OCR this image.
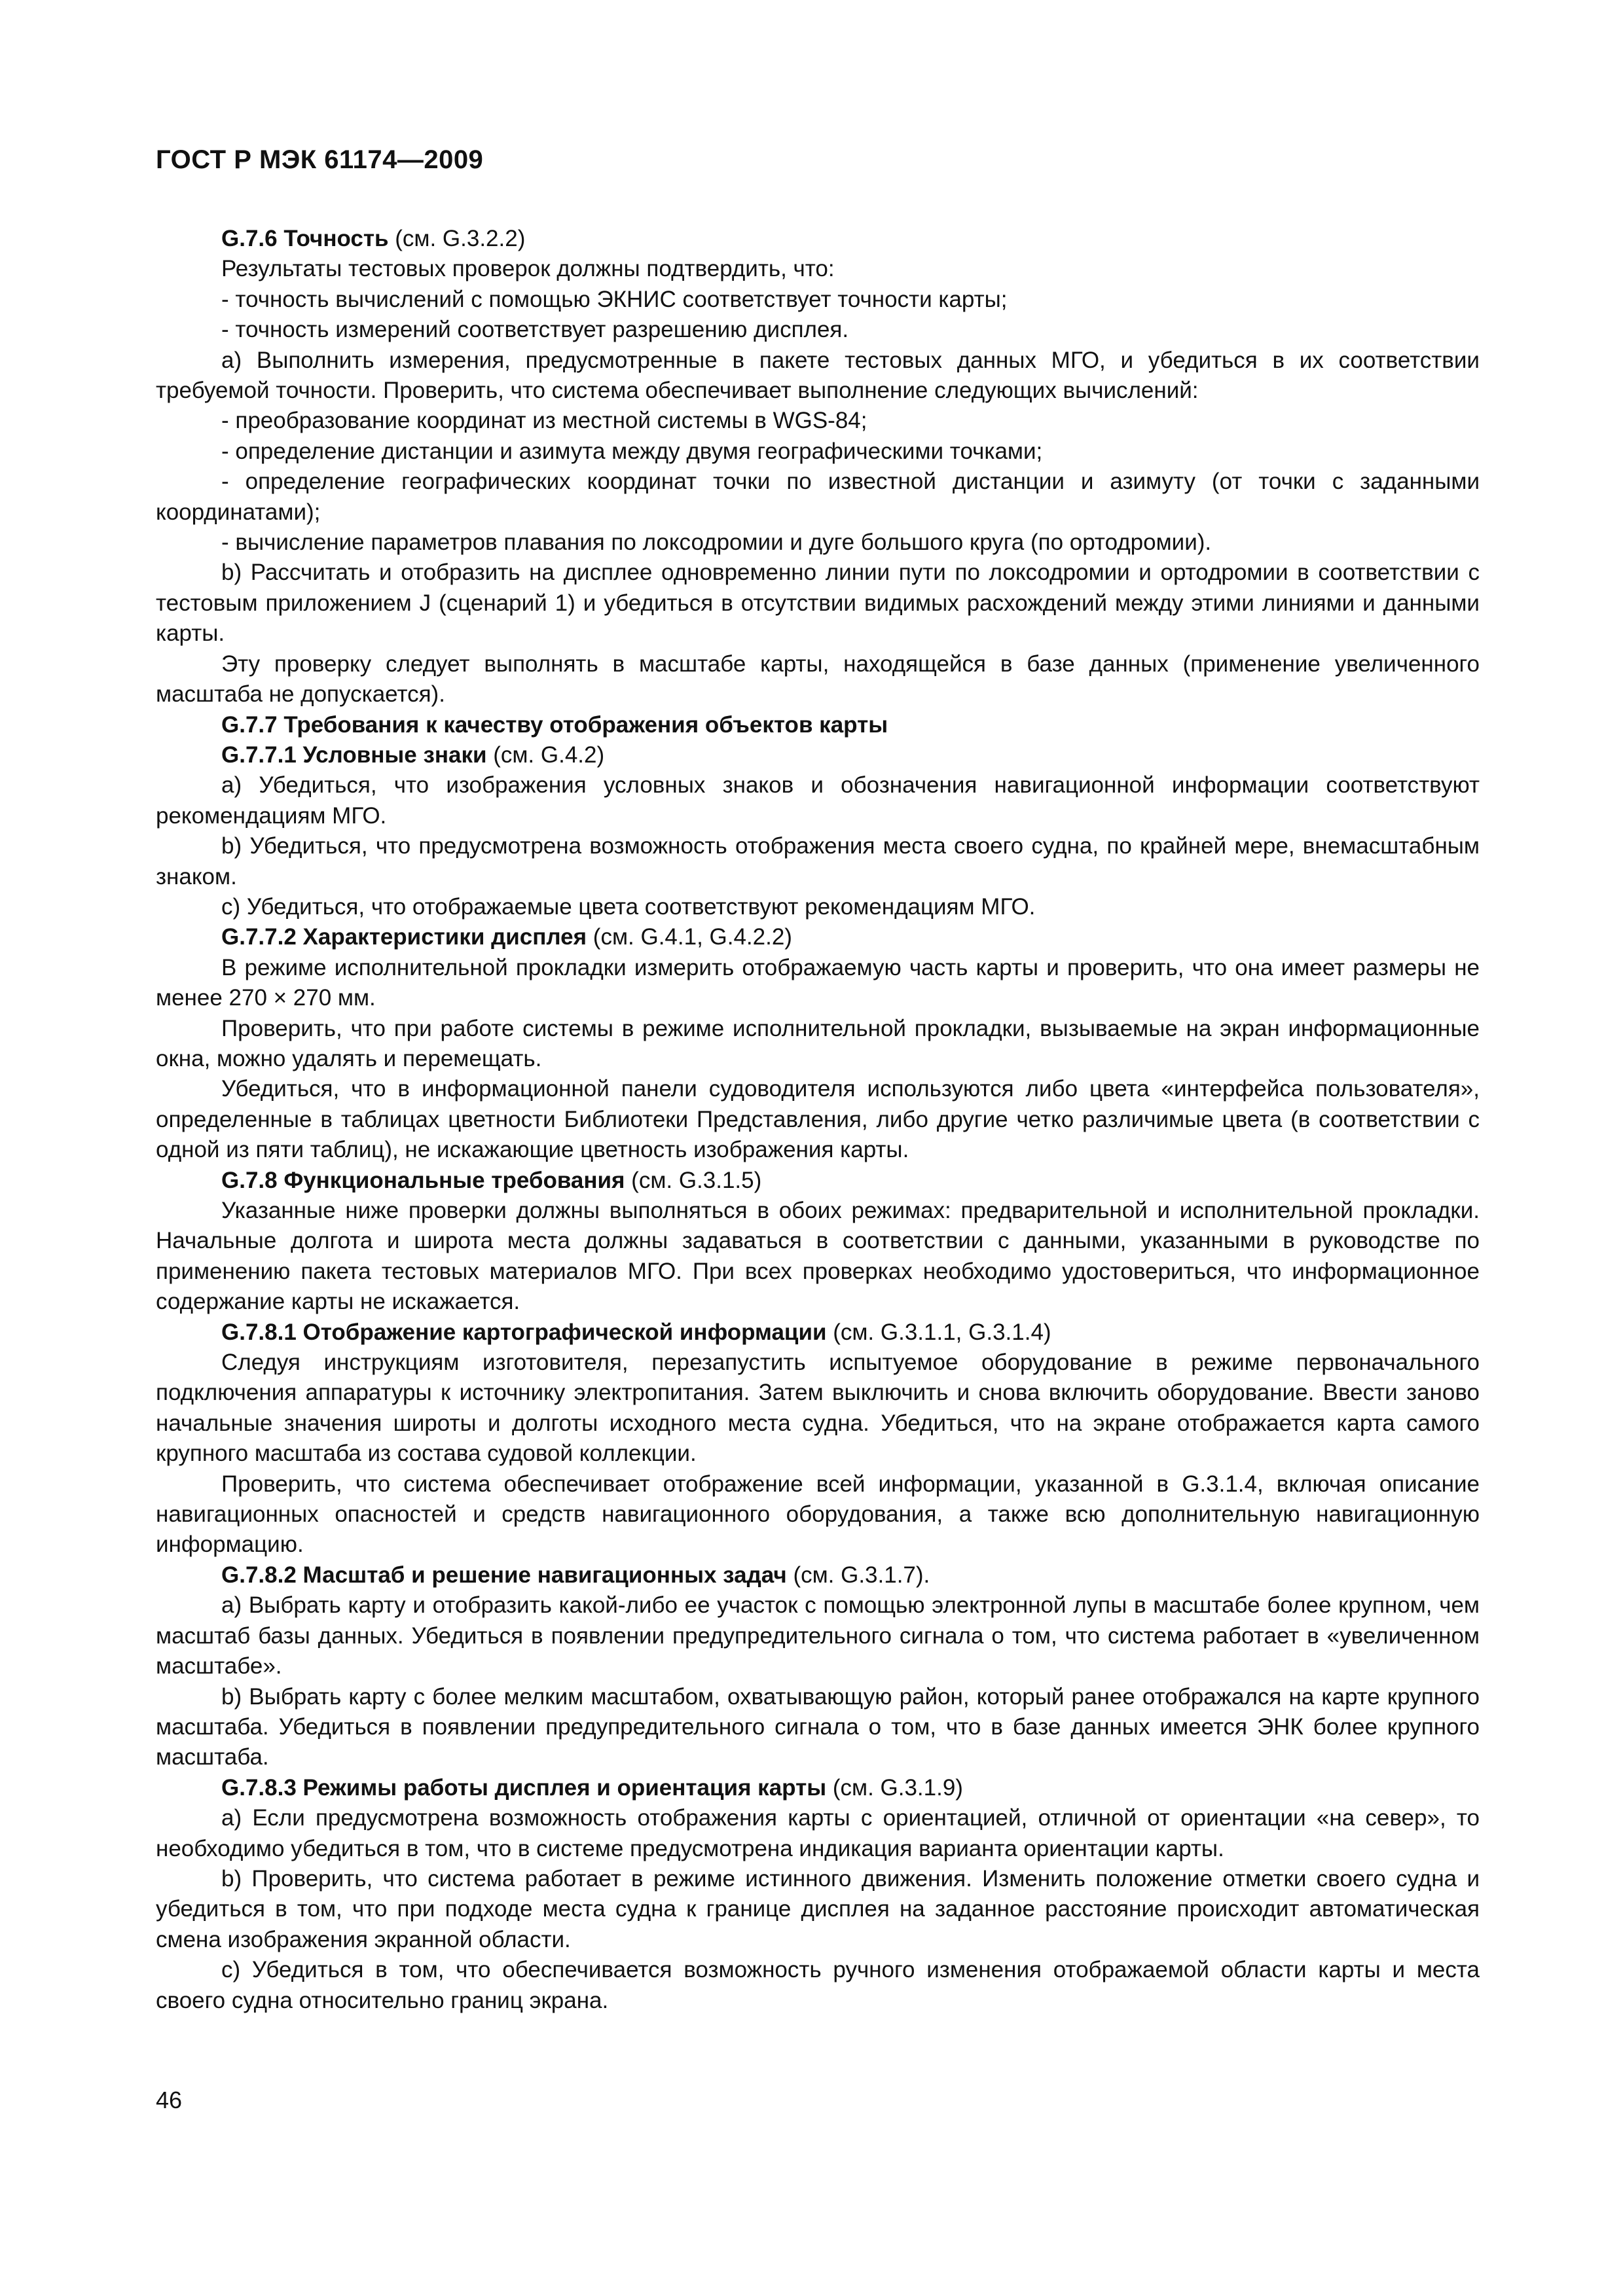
ГОСТ Р МЭК 61174—2009

G.7.6 Точность (см. G.3.2.2)

Результаты тестовых проверок должны подтвердить, что:

- точность вычислений с помощью ЭКНИС соответствует точности карты;

- точность измерений соответствует разрешению дисплея.

a) Выполнить измерения, предусмотренные в пакете тестовых данных МГО, и убедиться в их соответствии требуемой точности. Проверить, что система обеспечивает выполнение следующих вычислений:

- преобразование координат из местной системы в WGS-84;

- определение дистанции и азимута между двумя географическими точками;

- определение географических координат точки по известной дистанции и азимуту (от точки с заданными координатами);

- вычисление параметров плавания по локсодромии и дуге большого круга (по ортодромии).

b) Рассчитать и отобразить на дисплее одновременно линии пути по локсодромии и ортодромии в соответствии с тестовым приложением J (сценарий 1) и убедиться в отсутствии видимых расхождений между этими линиями и данными карты.

Эту проверку следует выполнять в масштабе карты, находящейся в базе данных (применение увеличенного масштаба не допускается).

G.7.7 Требования к качеству отображения объектов карты

G.7.7.1 Условные знаки (см. G.4.2)

a) Убедиться, что изображения условных знаков и обозначения навигационной информации соответствуют рекомендациям МГО.

b) Убедиться, что предусмотрена возможность отображения места своего судна, по крайней мере, внемасштабным знаком.

c) Убедиться, что отображаемые цвета соответствуют рекомендациям МГО.

G.7.7.2 Характеристики дисплея (см. G.4.1, G.4.2.2)

В режиме исполнительной прокладки измерить отображаемую часть карты и проверить, что она имеет размеры не менее 270 × 270 мм.

Проверить, что при работе системы в режиме исполнительной прокладки, вызываемые на экран информационные окна, можно удалять и перемещать.

Убедиться, что в информационной панели судоводителя используются либо цвета «интерфейса пользователя», определенные в таблицах цветности Библиотеки Представления, либо другие четко различимые цвета (в соответствии с одной из пяти таблиц), не искажающие цветность изображения карты.

G.7.8 Функциональные требования (см. G.3.1.5)

Указанные ниже проверки должны выполняться в обоих режимах: предварительной и исполнительной прокладки. Начальные долгота и широта места должны задаваться в соответствии с данными, указанными в руководстве по применению пакета тестовых материалов МГО. При всех проверках необходимо удостовериться, что информационное содержание карты не искажается.

G.7.8.1 Отображение картографической информации (см. G.3.1.1, G.3.1.4)

Следуя инструкциям изготовителя, перезапустить испытуемое оборудование в режиме первоначального подключения аппаратуры к источнику электропитания. Затем выключить и снова включить оборудование. Ввести заново начальные значения широты и долготы исходного места судна. Убедиться, что на экране отображается карта самого крупного масштаба из состава судовой коллекции.

Проверить, что система обеспечивает отображение всей информации, указанной в G.3.1.4, включая описание навигационных опасностей и средств навигационного оборудования, а также всю дополнительную навигационную информацию.

G.7.8.2 Масштаб и решение навигационных задач (см. G.3.1.7).

a) Выбрать карту и отобразить какой-либо ее участок с помощью электронной лупы в масштабе более крупном, чем масштаб базы данных. Убедиться в появлении предупредительного сигнала о том, что система работает в «увеличенном масштабе».

b) Выбрать карту с более мелким масштабом, охватывающую район, который ранее отображался на карте крупного масштаба. Убедиться в появлении предупредительного сигнала о том, что в базе данных имеется ЭНК более крупного масштаба.

G.7.8.3 Режимы работы дисплея и ориентация карты (см. G.3.1.9)

a) Если предусмотрена возможность отображения карты с ориентацией, отличной от ориентации «на север», то необходимо убедиться в том, что в системе предусмотрена индикация варианта ориентации карты.

b) Проверить, что система работает в режиме истинного движения. Изменить положение отметки своего судна и убедиться в том, что при подходе места судна к границе дисплея на заданное расстояние происходит автоматическая смена изображения экранной области.

c) Убедиться в том, что обеспечивается возможность ручного изменения отображаемой области карты и места своего судна относительно границ экрана.

46
